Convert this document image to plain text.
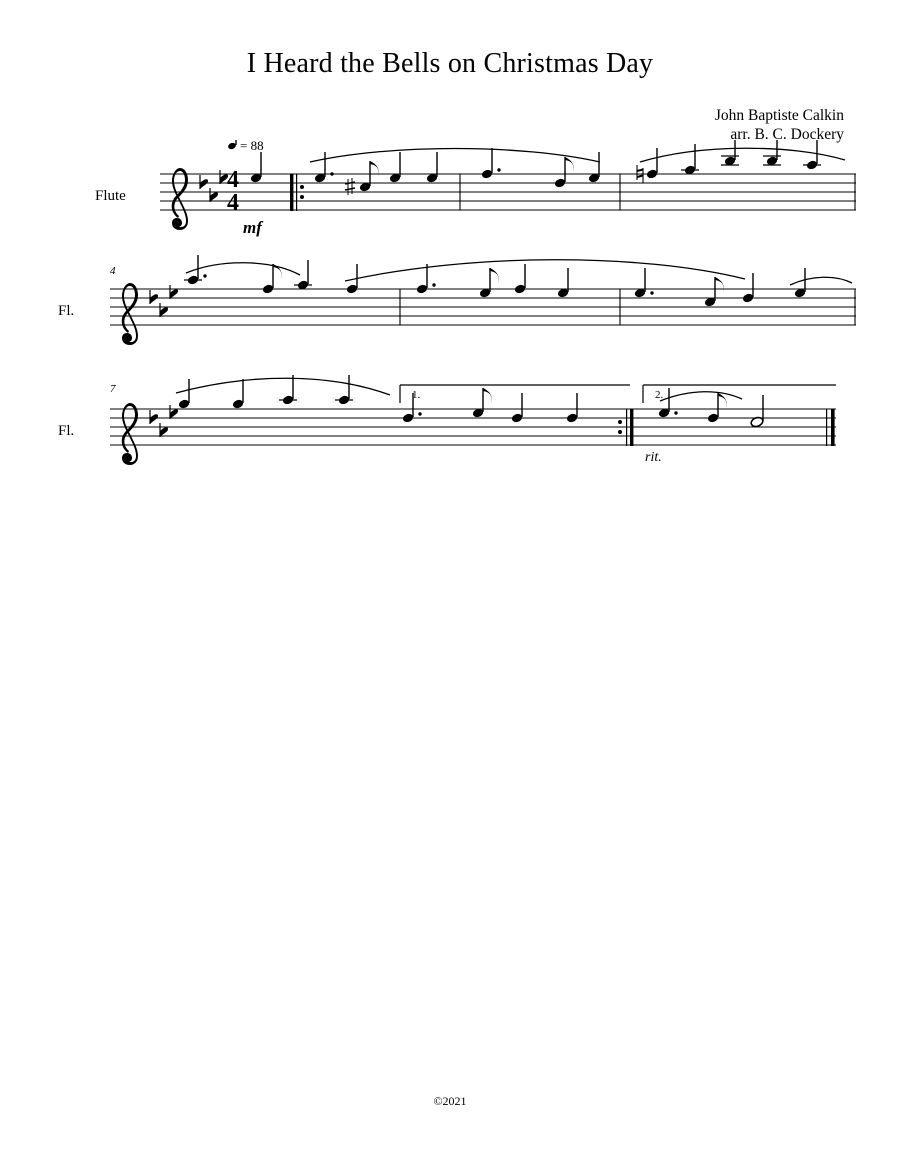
I Heard the Bells on Christmas Day
John Baptiste Calkin
arr. B. C. Dockery
Flute
= 88
mf
4
4
Fl.
4
Fl.
7	1.	2.
rit.
©2021
